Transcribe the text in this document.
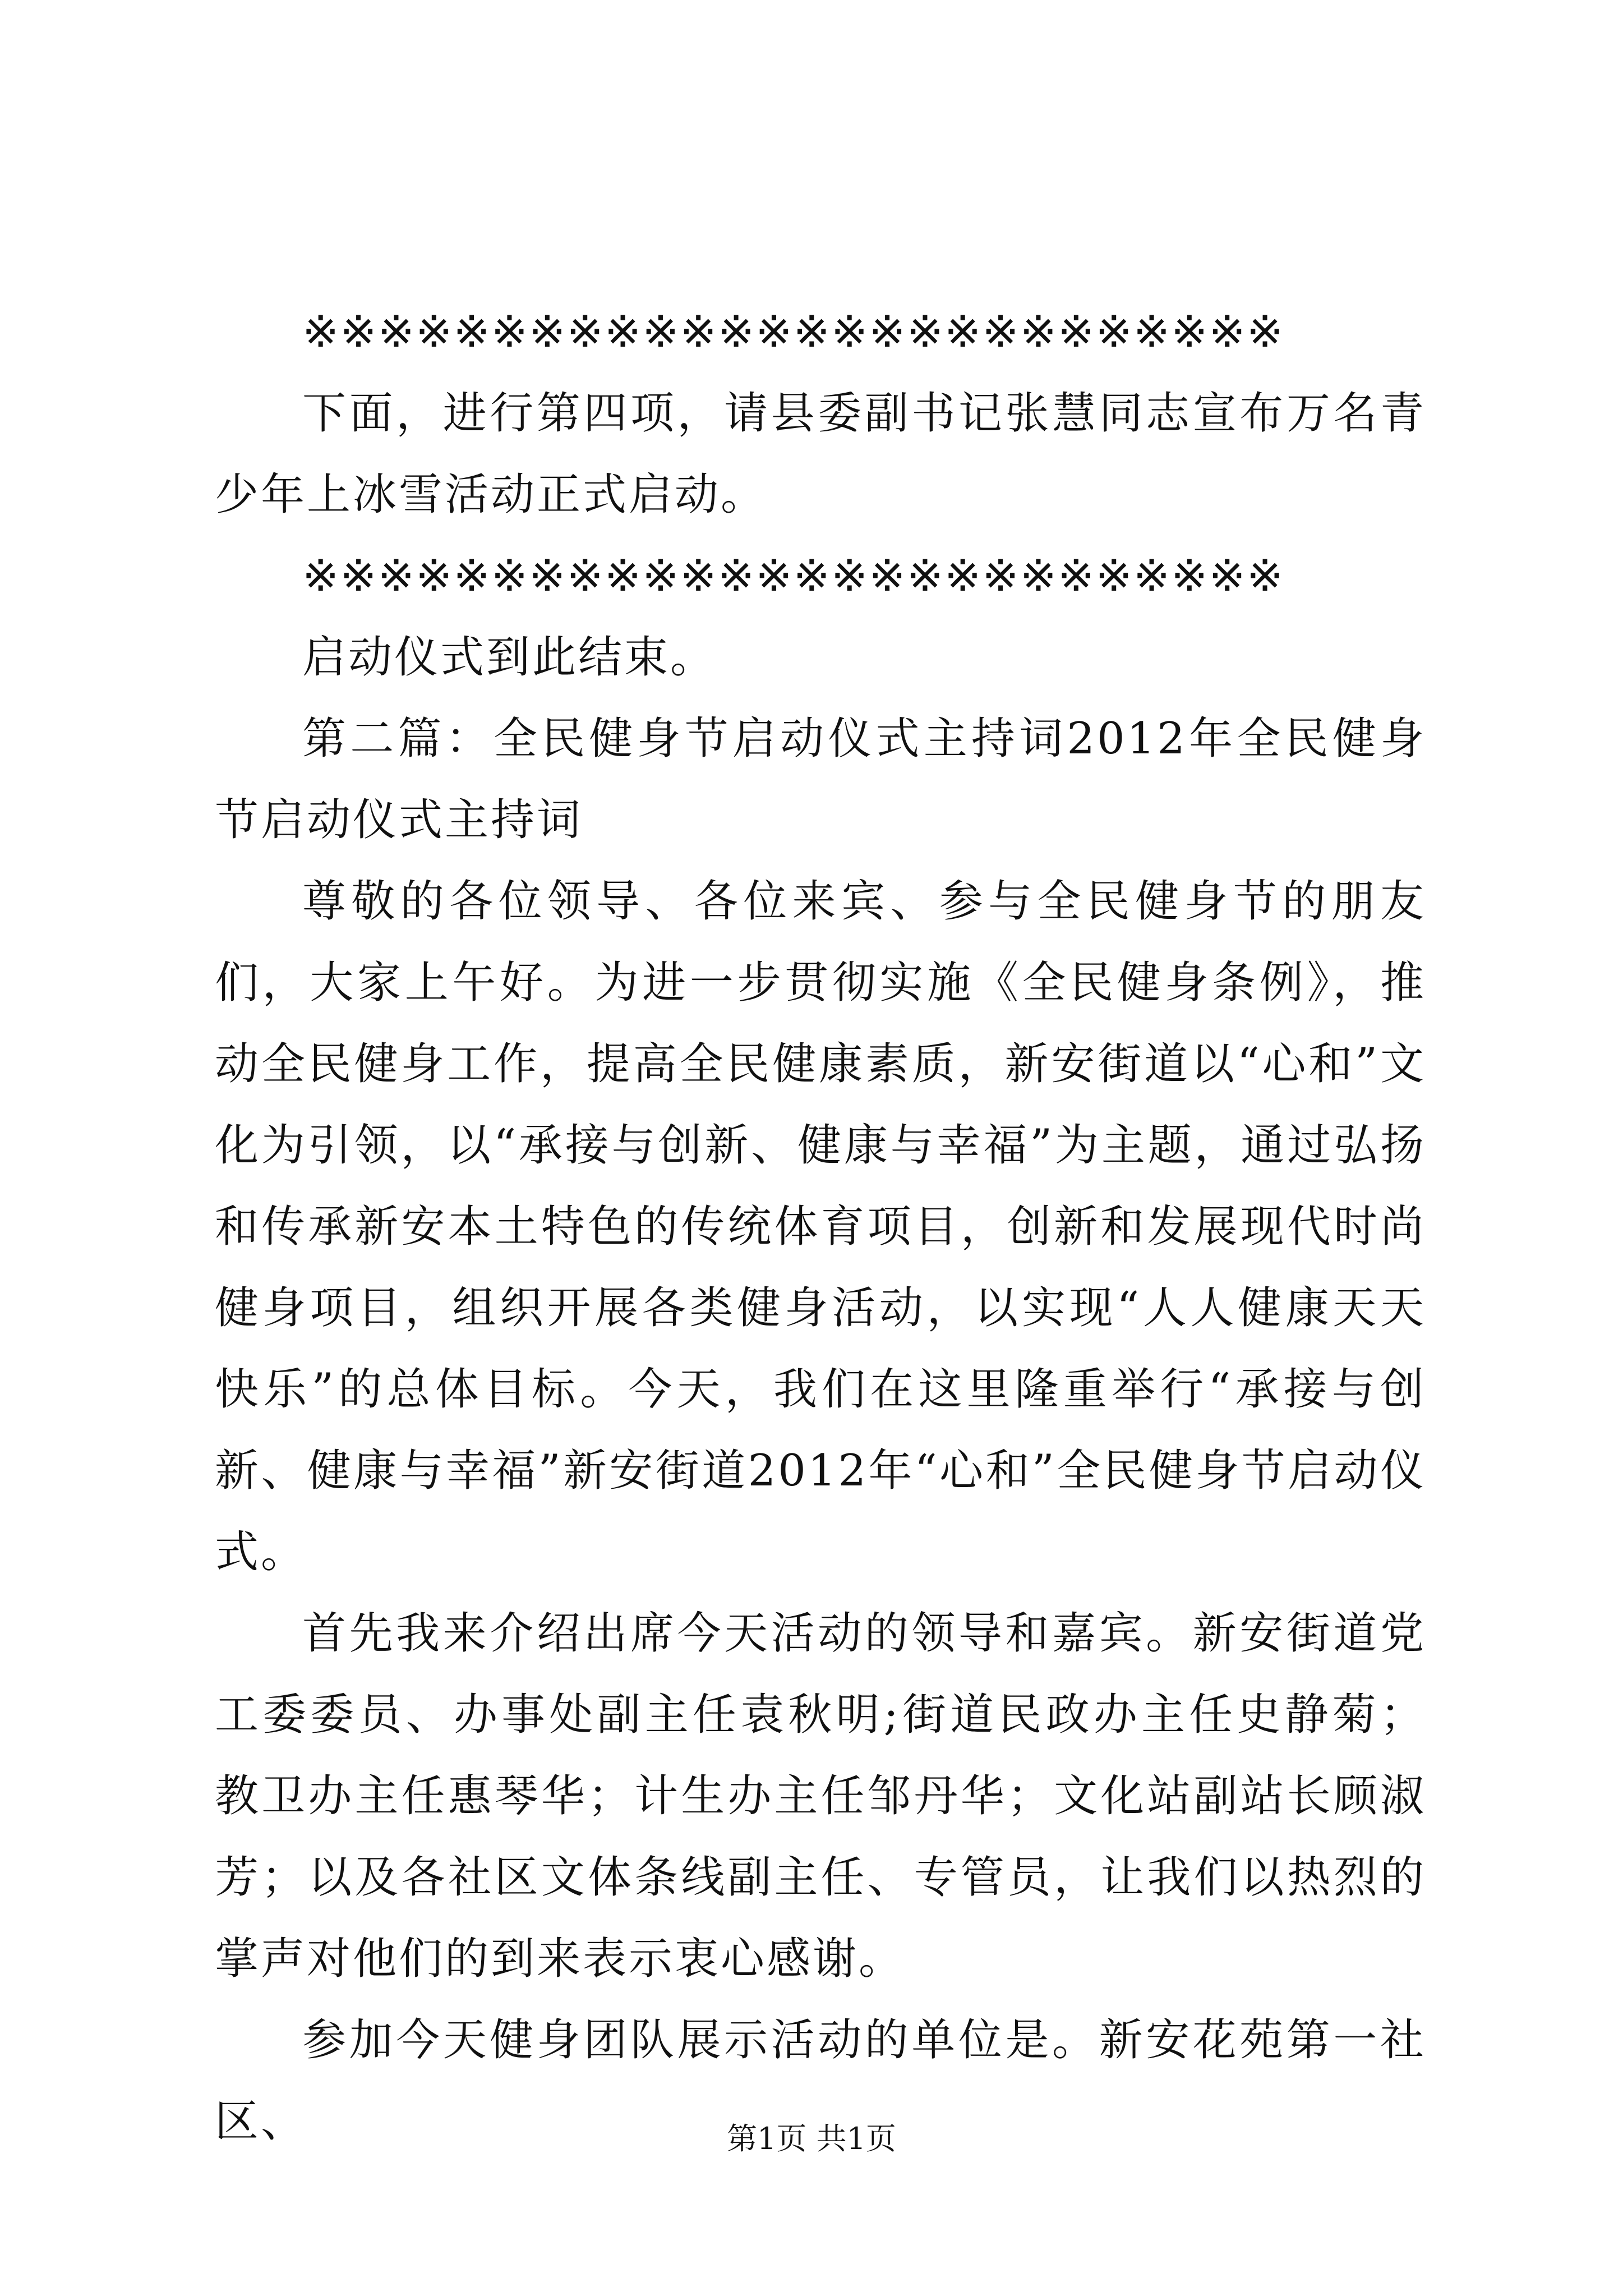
※※※※※※※※※※※※※※※※※※※※※※※※※※

下面，进行第四项，请县委副书记张慧同志宣布万名青少年上冰雪活动正式启动。

※※※※※※※※※※※※※※※※※※※※※※※※※※

启动仪式到此结束。

第二篇：全民健身节启动仪式主持词2012年全民健身节启动仪式主持词

尊敬的各位领导、各位来宾、参与全民健身节的朋友们，大家上午好。为进一步贯彻实施《全民健身条例》，推动全民健身工作，提高全民健康素质，新安街道以“心和”文化为引领，以“承接与创新、健康与幸福”为主题，通过弘扬和传承新安本土特色的传统体育项目，创新和发展现代时尚健身项目，组织开展各类健身活动，以实现“人人健康天天快乐”的总体目标。今天，我们在这里隆重举行“承接与创新、健康与幸福”新安街道2012年“心和”全民健身节启动仪式。

首先我来介绍出席今天活动的领导和嘉宾。新安街道党工委委员、办事处副主任袁秋明;街道民政办主任史静菊；教卫办主任惠琴华；计生办主任邹丹华；文化站副站长顾淑芳；以及各社区文体条线副主任、专管员，让我们以热烈的掌声对他们的到来表示衷心感谢。

参加今天健身团队展示活动的单位是。新安花苑第一社区、	第1页 共1页
